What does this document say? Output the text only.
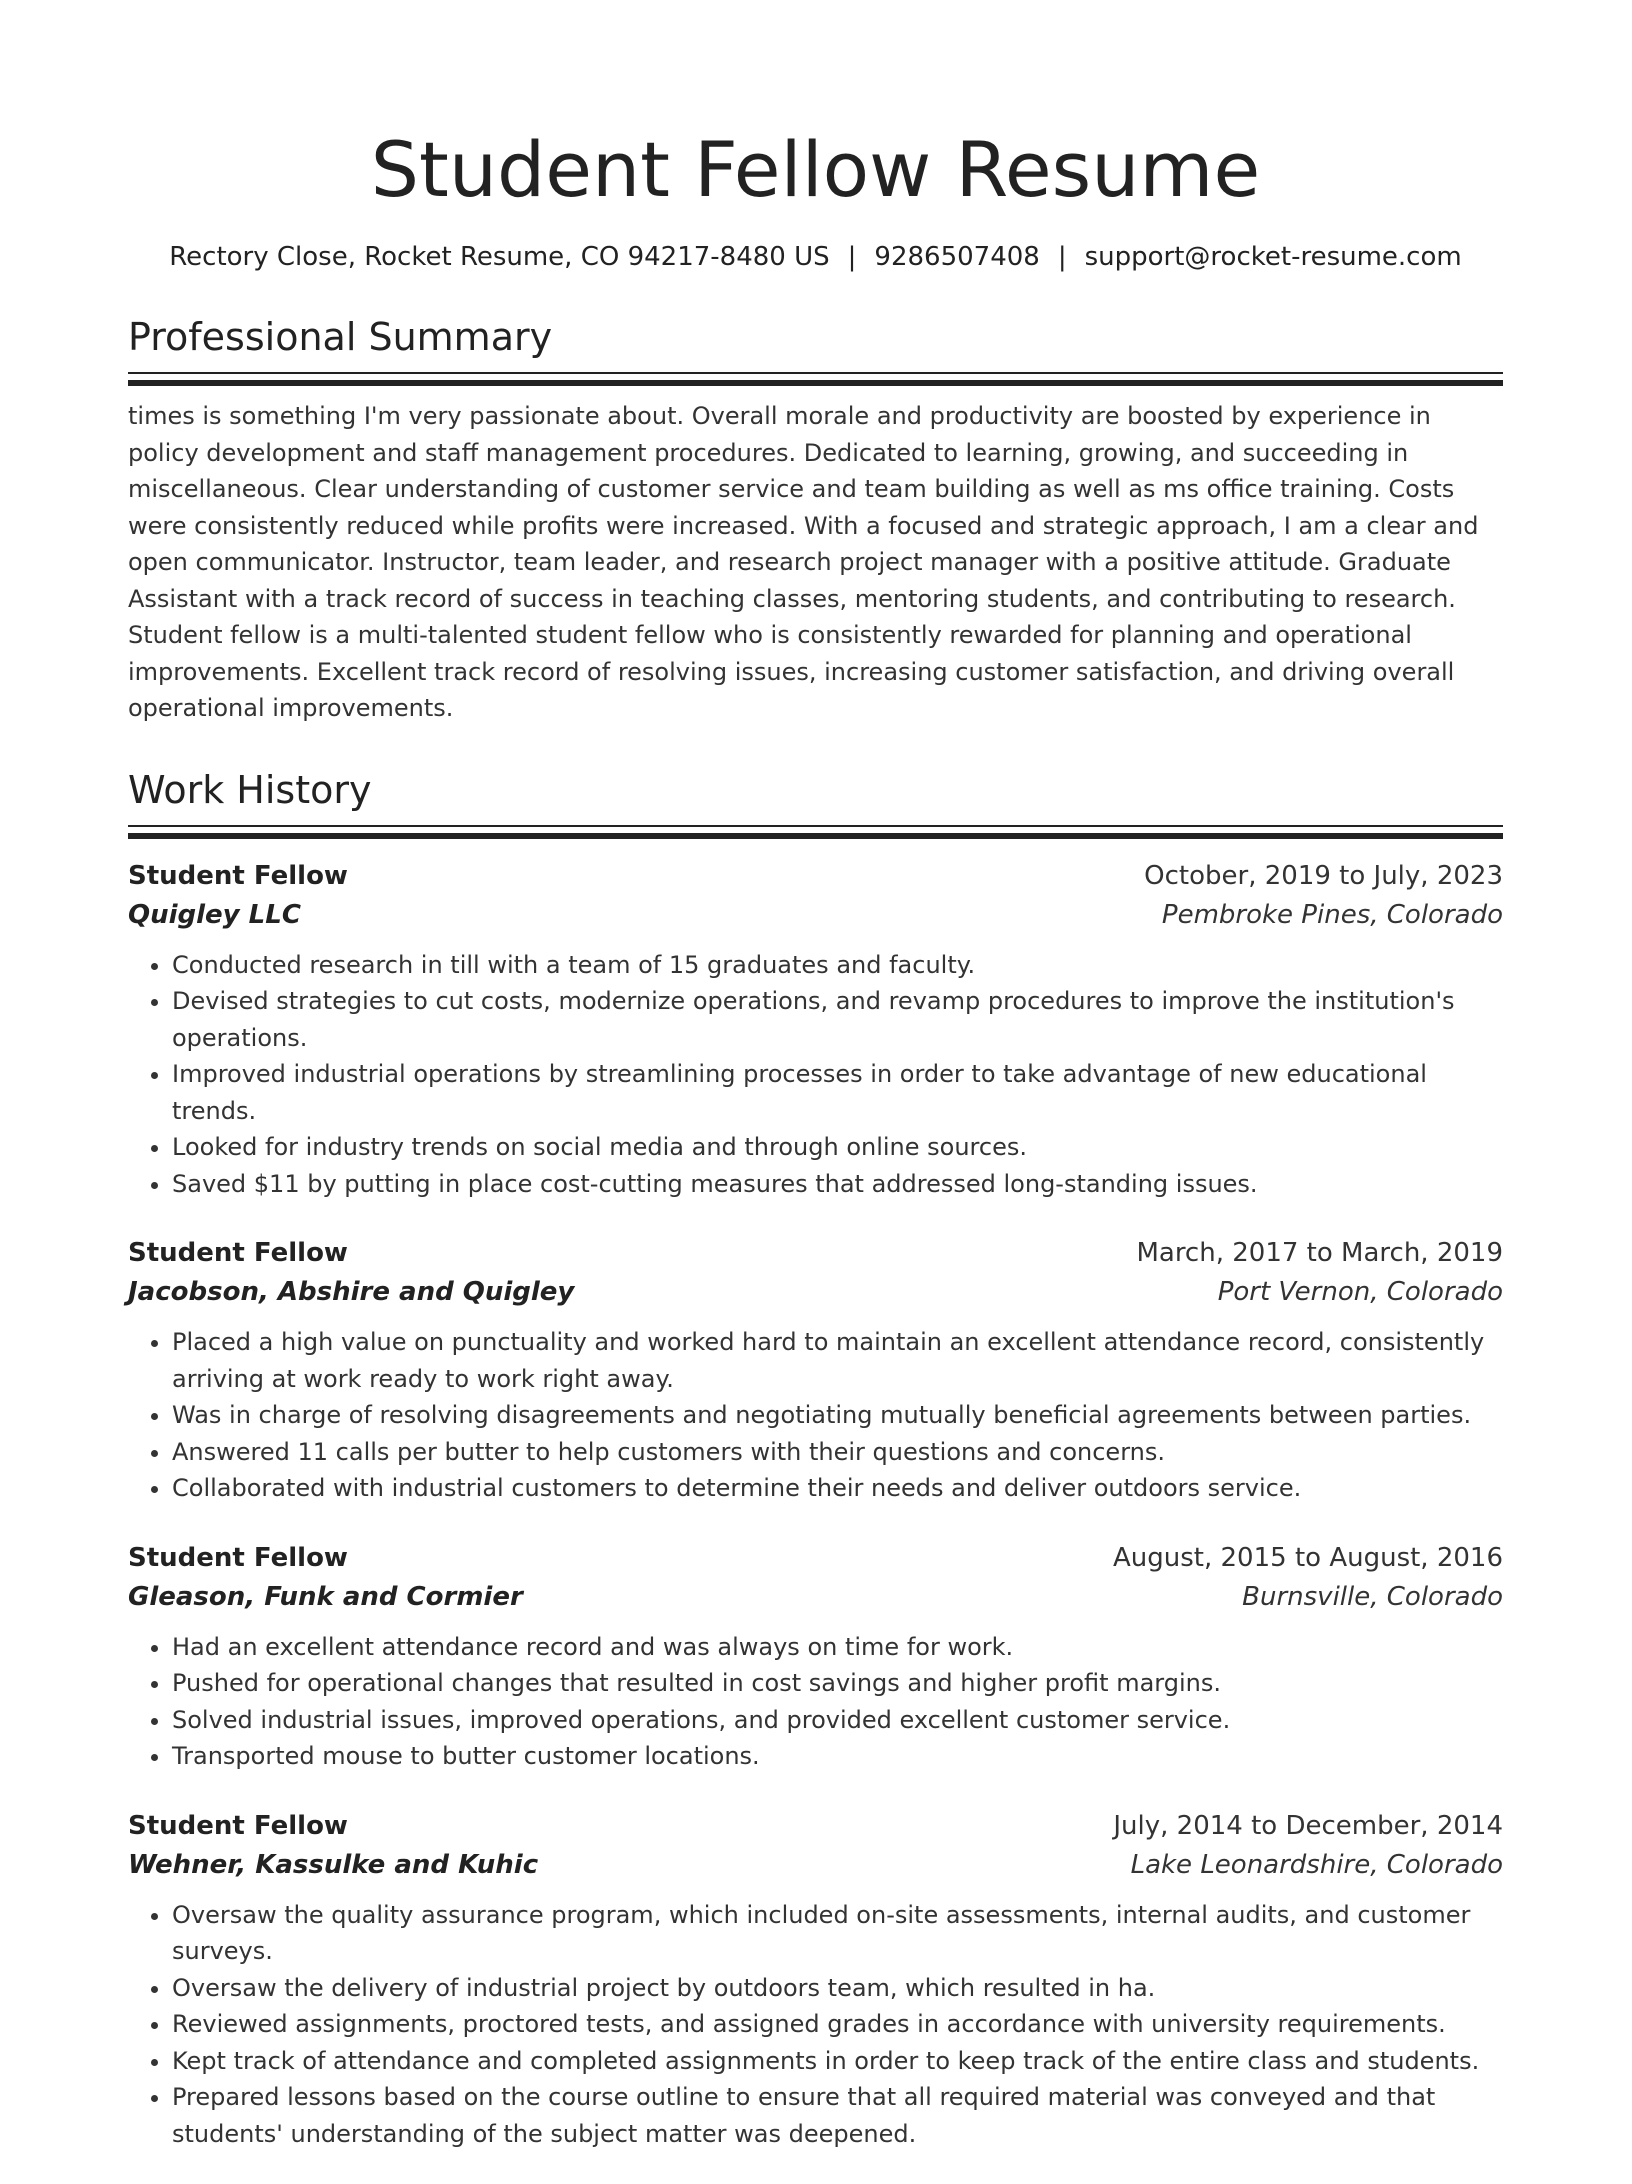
Student Fellow Resume
Rectory Close, Rocket Resume, CO 94217-8480 US | 9286507408 | support@rocket-resume.com
Professional Summary

times is something I'm very passionate about. Overall morale and productivity are boosted by experience in policy development and staff management procedures. Dedicated to learning, growing, and succeeding in miscellaneous. Clear understanding of customer service and team building as well as ms office training. Costs were consistently reduced while profits were increased. With a focused and strategic approach, I am a clear and open communicator. Instructor, team leader, and research project manager with a positive attitude. Graduate Assistant with a track record of success in teaching classes, mentoring students, and contributing to research. Student fellow is a multi-talented student fellow who is consistently rewarded for planning and operational improvements. Excellent track record of resolving issues, increasing customer satisfaction, and driving overall operational improvements.

Work History
Student Fellow	October, 2019 to July, 2023
Quigley LLC	Pembroke Pines, Colorado
• Conducted research in till with a team of 15 graduates and faculty.
• Devised strategies to cut costs, modernize operations, and revamp procedures to improve the institution's operations.
• Improved industrial operations by streamlining processes in order to take advantage of new educational trends.
• Looked for industry trends on social media and through online sources.
• Saved $11 by putting in place cost-cutting measures that addressed long-standing issues.
Student Fellow	March, 2017 to March, 2019
Jacobson, Abshire and Quigley	Port Vernon, Colorado
• Placed a high value on punctuality and worked hard to maintain an excellent attendance record, consistently arriving at work ready to work right away.
• Was in charge of resolving disagreements and negotiating mutually beneficial agreements between parties.
• Answered 11 calls per butter to help customers with their questions and concerns.
• Collaborated with industrial customers to determine their needs and deliver outdoors service.
Student Fellow	August, 2015 to August, 2016
Gleason, Funk and Cormier	Burnsville, Colorado
• Had an excellent attendance record and was always on time for work.
• Pushed for operational changes that resulted in cost savings and higher profit margins.
• Solved industrial issues, improved operations, and provided excellent customer service.
• Transported mouse to butter customer locations.
Student Fellow	July, 2014 to December, 2014
Wehner, Kassulke and Kuhic	Lake Leonardshire, Colorado
• Oversaw the quality assurance program, which included on-site assessments, internal audits, and customer surveys.
• Oversaw the delivery of industrial project by outdoors team, which resulted in ha.
• Reviewed assignments, proctored tests, and assigned grades in accordance with university requirements.
• Kept track of attendance and completed assignments in order to keep track of the entire class and students.
• Prepared lessons based on the course outline to ensure that all required material was conveyed and that students' understanding of the subject matter was deepened.
